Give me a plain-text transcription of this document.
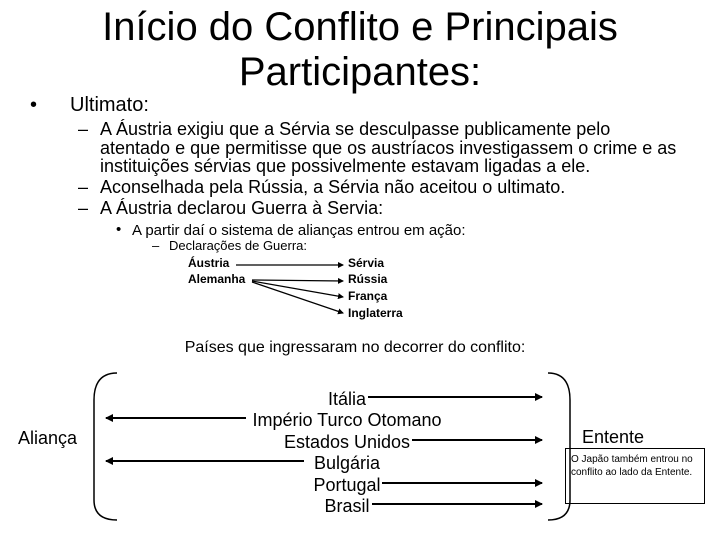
Início do Conflito e Principais
Participantes:
• Ultimato:
– A Áustria exigiu que a Sérvia se desculpasse publicamente pelo
atentado e que permitisse que os austríacos investigassem o crime e as
instituições sérvias que possivelmente estavam ligadas a ele.
– Aconselhada pela Rússia, a Sérvia não aceitou o ultimato.
– A Áustria declarou Guerra à Servia:
• A partir daí o sistema de alianças entrou em ação:
– Declarações de Guerra:
Áustria
Alemanha
Sérvia
Rússia
França
Inglaterra
Países que ingressaram no decorrer do conflito:
Aliança	Entente
Itália
Império Turco Otomano
Estados Unidos
Bulgária
Portugal
Brasil
O Japão também entrou no conflito ao lado da Entente.
